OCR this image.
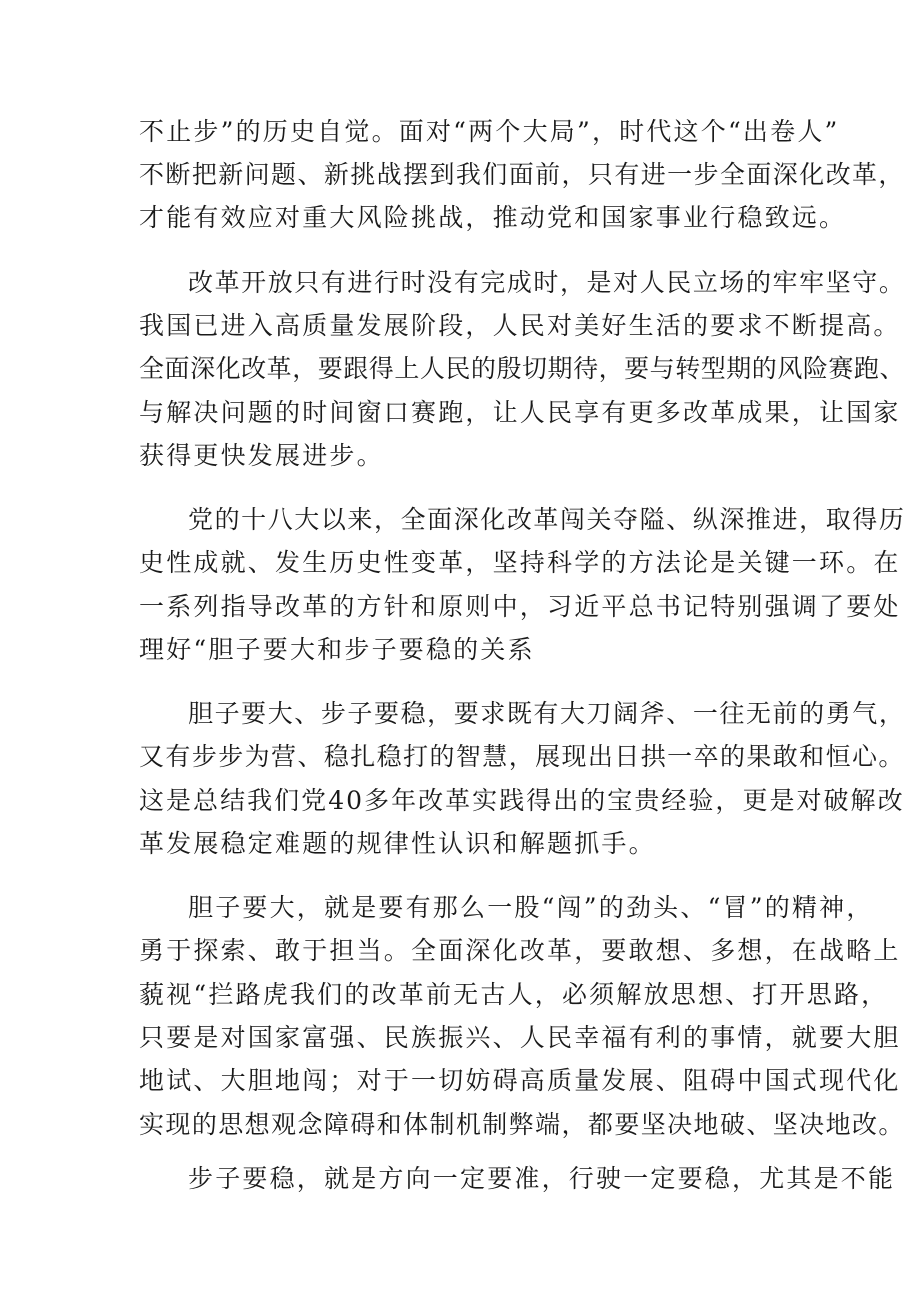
不止步”的历史自觉。面对“两个大局”，时代这个“出卷人”

不断把新问题、新挑战摆到我们面前，只有进一步全面深化改革，

才能有效应对重大风险挑战，推动党和国家事业行稳致远。

改革开放只有进行时没有完成时，是对人民立场的牢牢坚守。

我国已进入高质量发展阶段，人民对美好生活的要求不断提高。

全面深化改革，要跟得上人民的殷切期待，要与转型期的风险赛跑、

与解决问题的时间窗口赛跑，让人民享有更多改革成果，让国家

获得更快发展进步。

党的十八大以来，全面深化改革闯关夺隘、纵深推进，取得历

史性成就、发生历史性变革，坚持科学的方法论是关键一环。在

一系列指导改革的方针和原则中，习近平总书记特别强调了要处

理好“胆子要大和步子要稳的关系

胆子要大、步子要稳，要求既有大刀阔斧、一往无前的勇气，

又有步步为营、稳扎稳打的智慧，展现出日拱一卒的果敢和恒心。

这是总结我们党40多年改革实践得出的宝贵经验，更是对破解改

革发展稳定难题的规律性认识和解题抓手。

胆子要大，就是要有那么一股“闯”的劲头、“冒”的精神，

勇于探索、敢于担当。全面深化改革，要敢想、多想，在战略上

藐视“拦路虎我们的改革前无古人，必须解放思想、打开思路，

只要是对国家富强、民族振兴、人民幸福有利的事情，就要大胆

地试、大胆地闯；对于一切妨碍高质量发展、阻碍中国式现代化

实现的思想观念障碍和体制机制弊端，都要坚决地破、坚决地改。

步子要稳，就是方向一定要准，行驶一定要稳，尤其是不能
